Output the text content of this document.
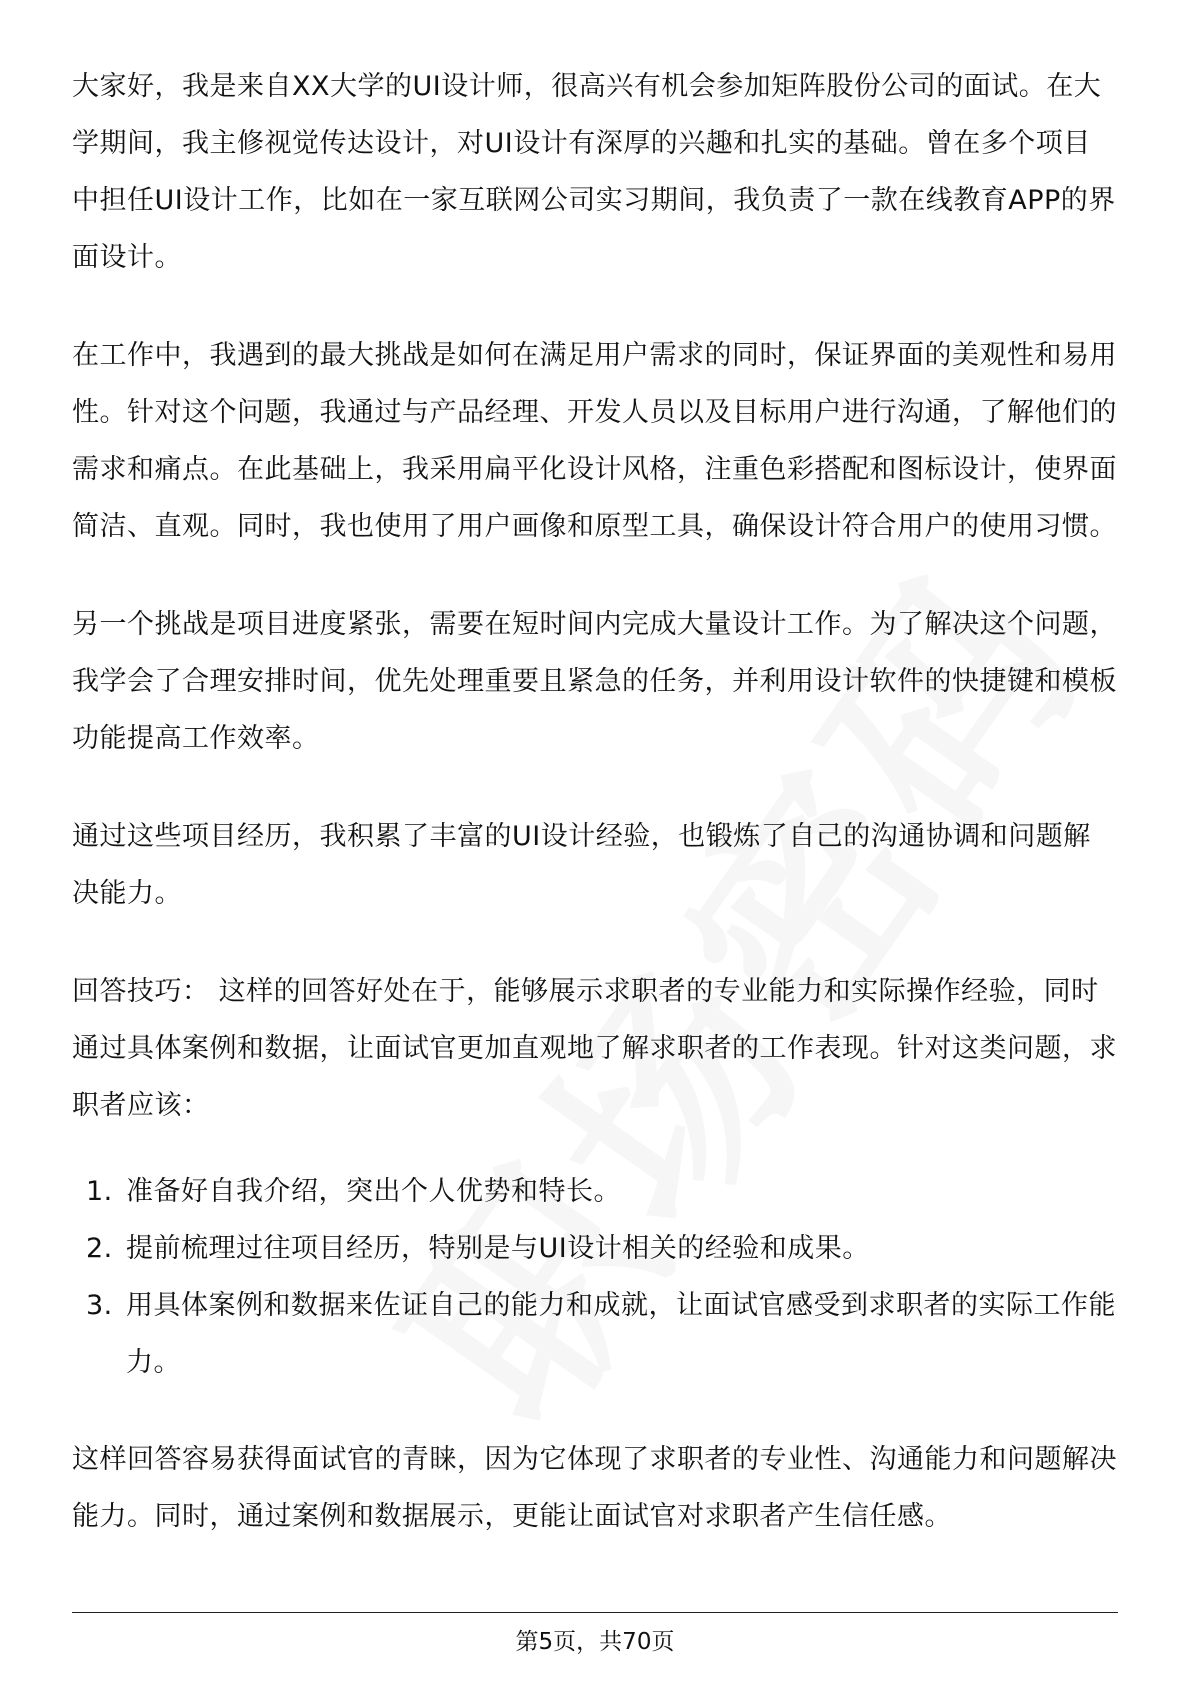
大家好，我是来自XX大学的UI设计师，很高兴有机会参加矩阵股份公司的面试。在大学期间，我主修视觉传达设计，对UI设计有深厚的兴趣和扎实的基础。曾在多个项目中担任UI设计工作，比如在一家互联网公司实习期间，我负责了一款在线教育APP的界面设计。

在工作中，我遇到的最大挑战是如何在满足用户需求的同时，保证界面的美观性和易用性。针对这个问题，我通过与产品经理、开发人员以及目标用户进行沟通，了解他们的需求和痛点。在此基础上，我采用扁平化设计风格，注重色彩搭配和图标设计，使界面简洁、直观。同时，我也使用了用户画像和原型工具，确保设计符合用户的使用习惯。

另一个挑战是项目进度紧张，需要在短时间内完成大量设计工作。为了解决这个问题，我学会了合理安排时间，优先处理重要且紧急的任务，并利用设计软件的快捷键和模板功能提高工作效率。

通过这些项目经历，我积累了丰富的UI设计经验，也锻炼了自己的沟通协调和问题解决能力。

回答技巧： 这样的回答好处在于，能够展示求职者的专业能力和实际操作经验，同时通过具体案例和数据，让面试官更加直观地了解求职者的工作表现。针对这类问题，求职者应该：

1. 准备好自我介绍，突出个人优势和特长。
2. 提前梳理过往项目经历，特别是与UI设计相关的经验和成果。
3. 用具体案例和数据来佐证自己的能力和成就，让面试官感受到求职者的实际工作能力。

这样回答容易获得面试官的青睐，因为它体现了求职者的专业性、沟通能力和问题解决能力。同时，通过案例和数据展示，更能让面试官对求职者产生信任感。

第5页，共70页
